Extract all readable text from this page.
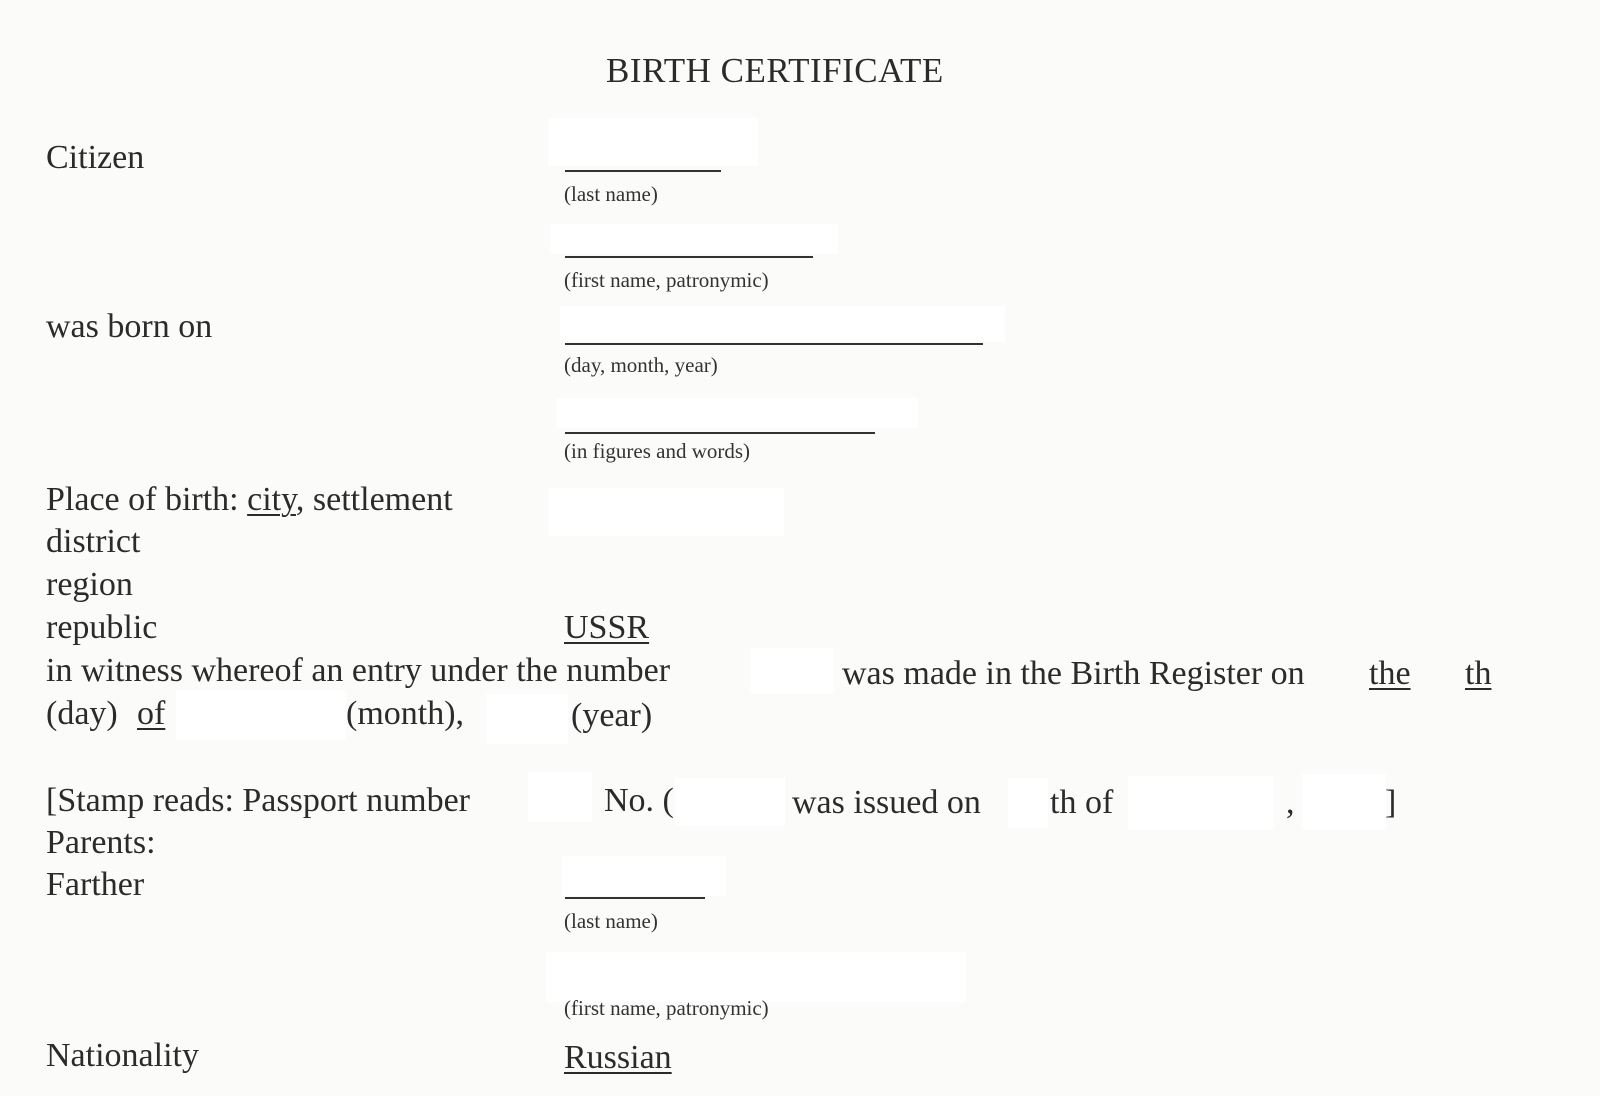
BIRTH CERTIFICATE
Citizen
(last name)
(first name, patronymic)
was born on
(day, month, year)
(in figures and words)
Place of birth: city, settlement
district
region
republic	USSR
in witness whereof an entry under the number	was made in the Birth Register on the th
(day) of	(month),	(year)
[Stamp reads: Passport number	No. (	was issued on th of	,	]
Parents:
Farther
(last name)
(first name, patronymic)
Nationality	Russian
